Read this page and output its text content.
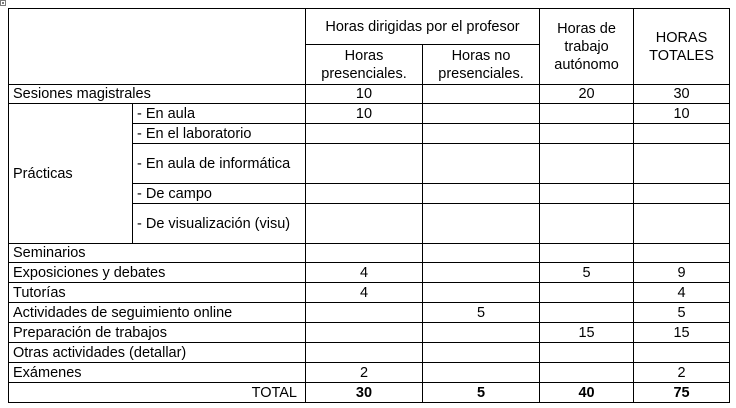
		Horas dirigidas por el profesor		Horas de trabajo autónomo	HORAS TOTALES
		Horas presenciales.	Horas no presenciales.		
Sesiones magistrales		10		20	30
Prácticas	- En aula	10			10
	- En el laboratorio				
	- En aula de informática				
	- De campo				
	- De visualización (visu)				
Seminarios					
Exposiciones y debates		4		5	9
Tutorías		4			4
Actividades de seguimiento online			5		5
Preparación de trabajos				15	15
Otras actividades (detallar)					
Exámenes		2			2
TOTAL		30	5	40	75
